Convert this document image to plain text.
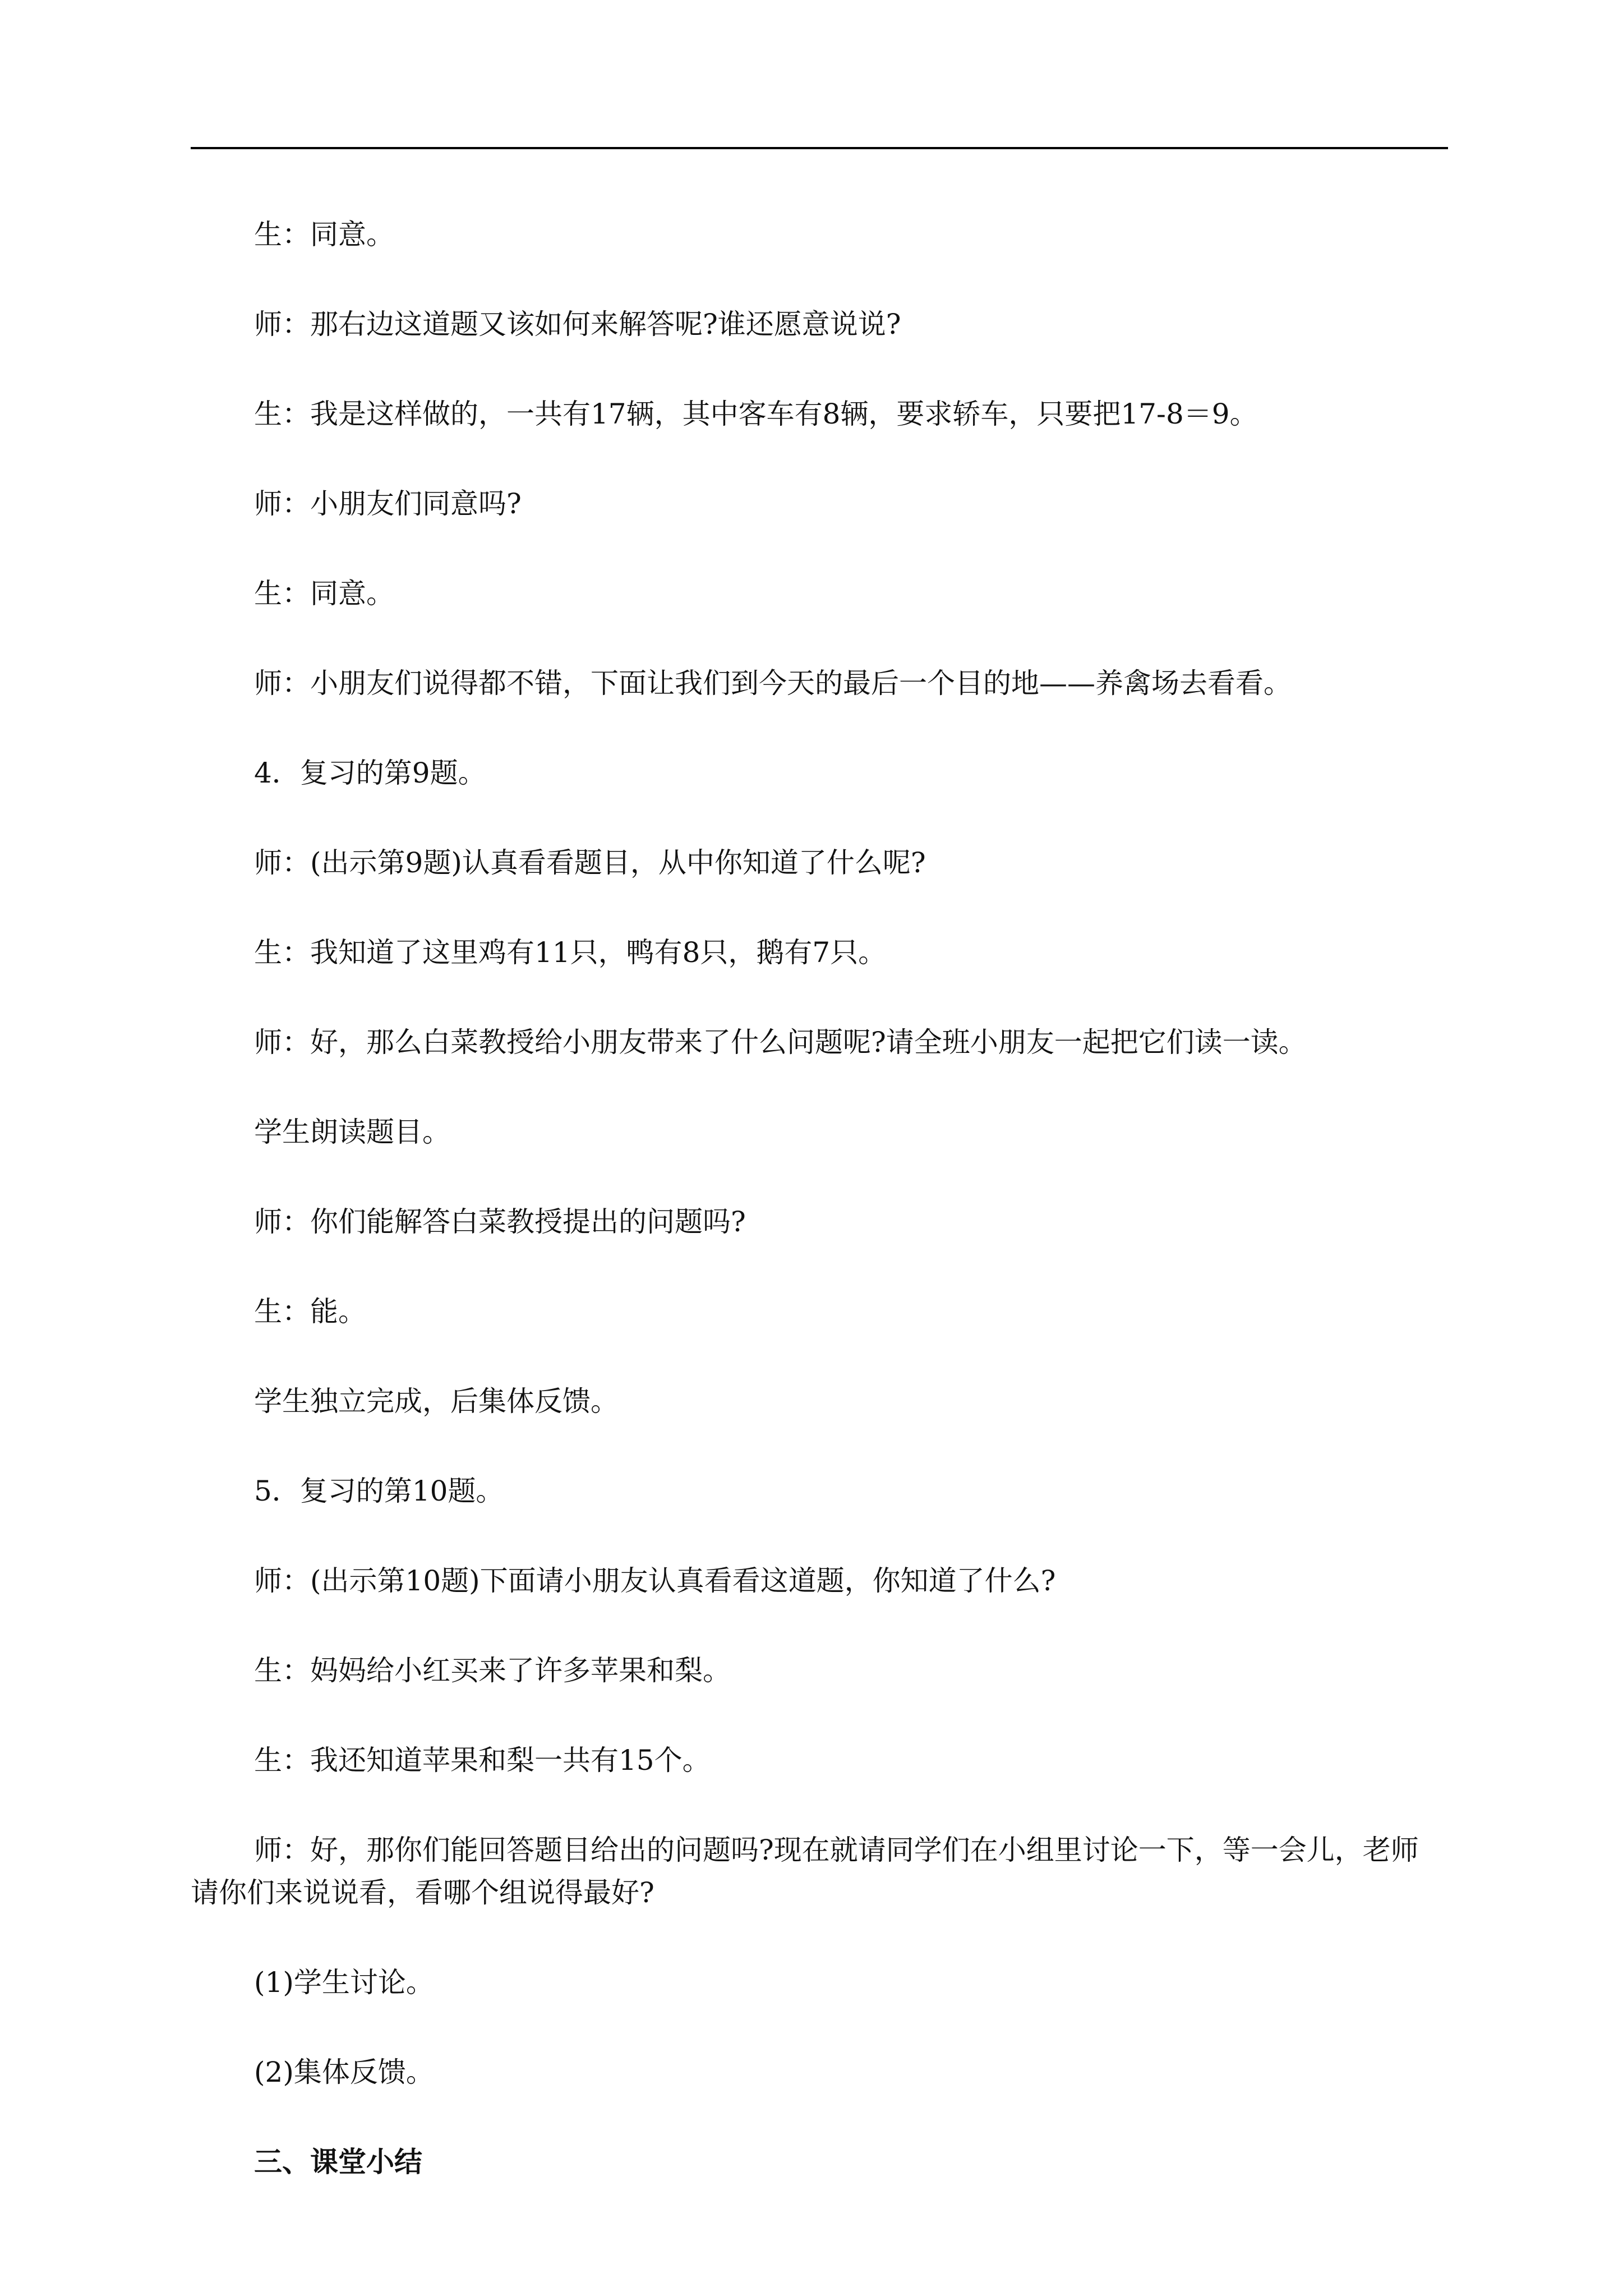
生：同意。

师：那右边这道题又该如何来解答呢?谁还愿意说说?

生：我是这样做的，一共有17辆，其中客车有8辆，要求轿车，只要把17-8＝9。

师：小朋友们同意吗?

生：同意。

师：小朋友们说得都不错，下面让我们到今天的最后一个目的地——养禽场去看看。

4．复习的第9题。

师：(出示第9题)认真看看题目，从中你知道了什么呢?

生：我知道了这里鸡有11只，鸭有8只，鹅有7只。

师：好，那么白菜教授给小朋友带来了什么问题呢?请全班小朋友一起把它们读一读。

学生朗读题目。

师：你们能解答白菜教授提出的问题吗?

生：能。

学生独立完成，后集体反馈。

5．复习的第10题。

师：(出示第10题)下面请小朋友认真看看这道题，你知道了什么?

生：妈妈给小红买来了许多苹果和梨。

生：我还知道苹果和梨一共有15个。

师：好，那你们能回答题目给出的问题吗?现在就请同学们在小组里讨论一下，等一会儿，老师

请你们来说说看，看哪个组说得最好?

(1)学生讨论。

(2)集体反馈。

三、课堂小结
